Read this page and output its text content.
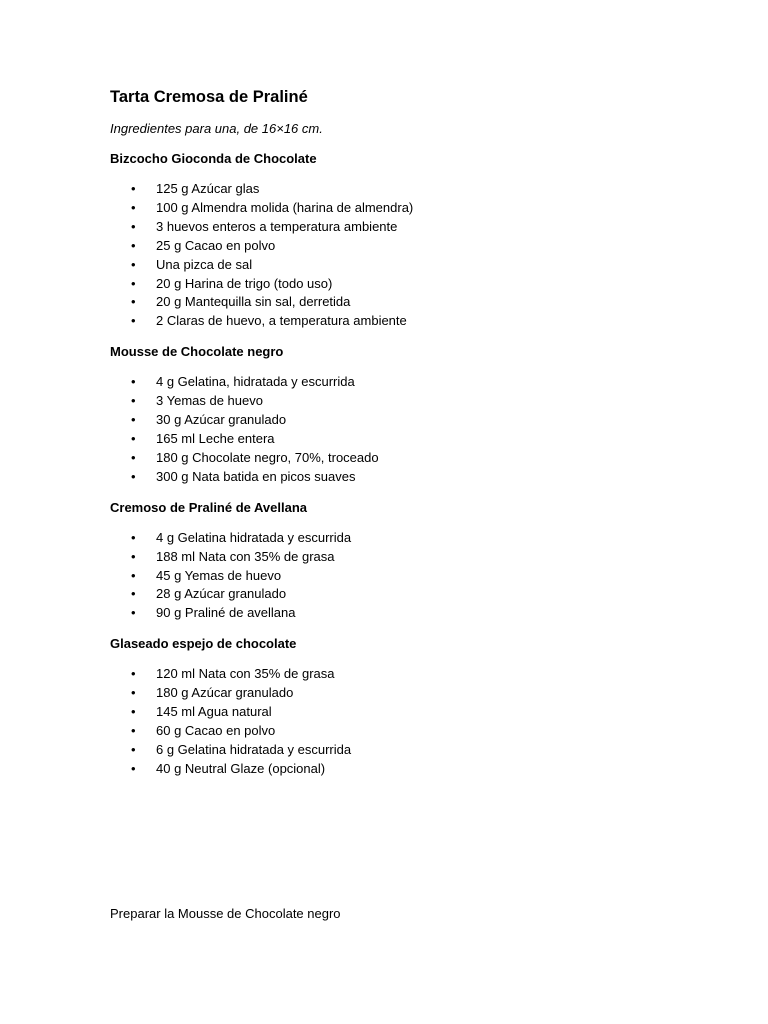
Tarta Cremosa de Praliné

Ingredientes para una, de 16×16 cm.

Bizcocho Gioconda de Chocolate

• 125 g Azúcar glas
• 100 g Almendra molida (harina de almendra)
• 3 huevos enteros a temperatura ambiente
• 25 g Cacao en polvo
• Una pizca de sal
• 20 g Harina de trigo (todo uso)
• 20 g Mantequilla sin sal, derretida
• 2 Claras de huevo, a temperatura ambiente

Mousse de Chocolate negro

• 4 g Gelatina, hidratada y escurrida
• 3 Yemas de huevo
• 30 g Azúcar granulado
• 165 ml Leche entera
• 180 g Chocolate negro, 70%, troceado
• 300 g Nata batida en picos suaves

Cremoso de Praliné de Avellana

• 4 g Gelatina hidratada y escurrida
• 188 ml Nata con 35% de grasa
• 45 g Yemas de huevo
• 28 g Azúcar granulado
• 90 g Praliné de avellana

Glaseado espejo de chocolate

• 120 ml Nata con 35% de grasa
• 180 g Azúcar granulado
• 145 ml Agua natural
• 60 g Cacao en polvo
• 6 g Gelatina hidratada y escurrida
• 40 g Neutral Glaze (opcional)

Preparar la Mousse de Chocolate negro
